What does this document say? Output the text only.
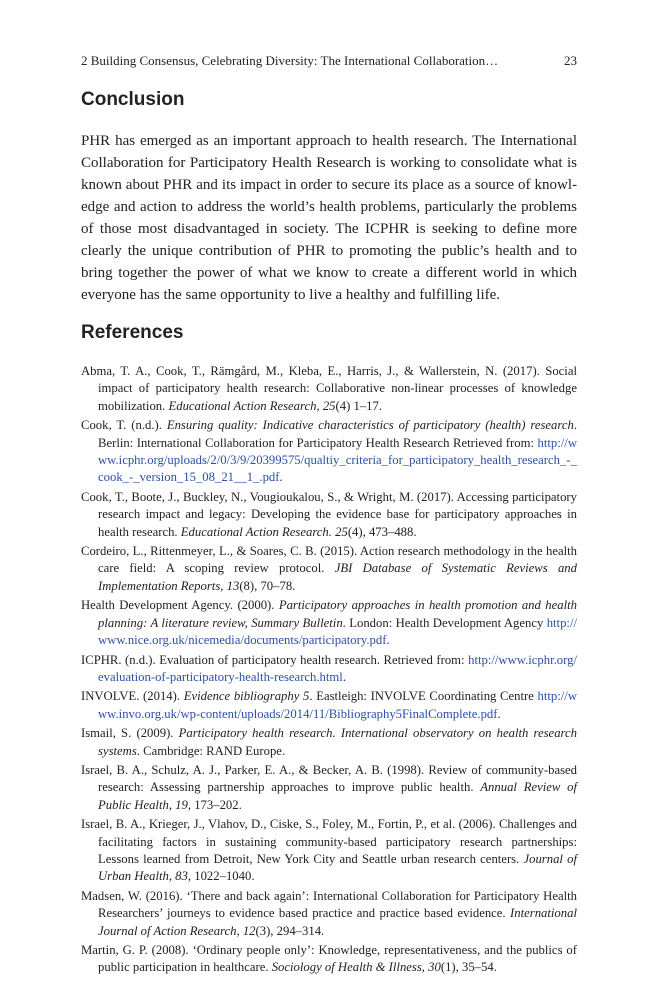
2 Building Consensus, Celebrating Diversity: The International Collaboration…	23
Conclusion

PHR has emerged as an important approach to health research. The International Collaboration for Participatory Health Research is working to consolidate what is known about PHR and its impact in order to secure its place as a source of knowledge and action to address the world’s health problems, particularly the problems of those most disadvantaged in society. The ICPHR is seeking to define more clearly the unique contribution of PHR to promoting the public’s health and to bring together the power of what we know to create a different world in which everyone has the same opportunity to live a healthy and fulfilling life.

References
Abma, T. A., Cook, T., Rämgård, M., Kleba, E., Harris, J., & Wallerstein, N. (2017). Social impact of participatory health research: Collaborative non-linear processes of knowledge mobilization. Educational Action Research, 25(4) 1–17.
Cook, T. (n.d.). Ensuring quality: Indicative characteristics of participatory (health) research. Berlin: International Collaboration for Participatory Health Research Retrieved from: http://www.icphr.org/uploads/2/0/3/9/20399575/qualtiy_criteria_for_participatory_health_research_-_cook_-_version_15_08_21__1_.pdf.
Cook, T., Boote, J., Buckley, N., Vougioukalou, S., & Wright, M. (2017). Accessing participatory research impact and legacy: Developing the evidence base for participatory approaches in health research. Educational Action Research. 25(4), 473–488.
Cordeiro, L., Rittenmeyer, L., & Soares, C. B. (2015). Action research methodology in the health care field: A scoping review protocol. JBI Database of Systematic Reviews and Implementation Reports, 13(8), 70–78.
Health Development Agency. (2000). Participatory approaches in health promotion and health planning: A literature review, Summary Bulletin. London: Health Development Agency http://www.nice.org.uk/nicemedia/documents/participatory.pdf.
ICPHR. (n.d.). Evaluation of participatory health research. Retrieved from: http://www.icphr.org/evaluation-of-participatory-health-research.html.
INVOLVE. (2014). Evidence bibliography 5. Eastleigh: INVOLVE Coordinating Centre http://www.invo.org.uk/wp-content/uploads/2014/11/Bibliography5FinalComplete.pdf.
Ismail, S. (2009). Participatory health research. International observatory on health research systems. Cambridge: RAND Europe.
Israel, B. A., Schulz, A. J., Parker, E. A., & Becker, A. B. (1998). Review of community-based research: Assessing partnership approaches to improve public health. Annual Review of Public Health, 19, 173–202.
Israel, B. A., Krieger, J., Vlahov, D., Ciske, S., Foley, M., Fortin, P., et al. (2006). Challenges and facilitating factors in sustaining community-based participatory research partnerships: Lessons learned from Detroit, New York City and Seattle urban research centers. Journal of Urban Health, 83, 1022–1040.
Madsen, W. (2016). ‘There and back again’: International Collaboration for Participatory Health Researchers’ journeys to evidence based practice and practice based evidence. International Journal of Action Research, 12(3), 294–314.
Martin, G. P. (2008). ‘Ordinary people only’: Knowledge, representativeness, and the publics of public participation in healthcare. Sociology of Health & Illness, 30(1), 35–54.
